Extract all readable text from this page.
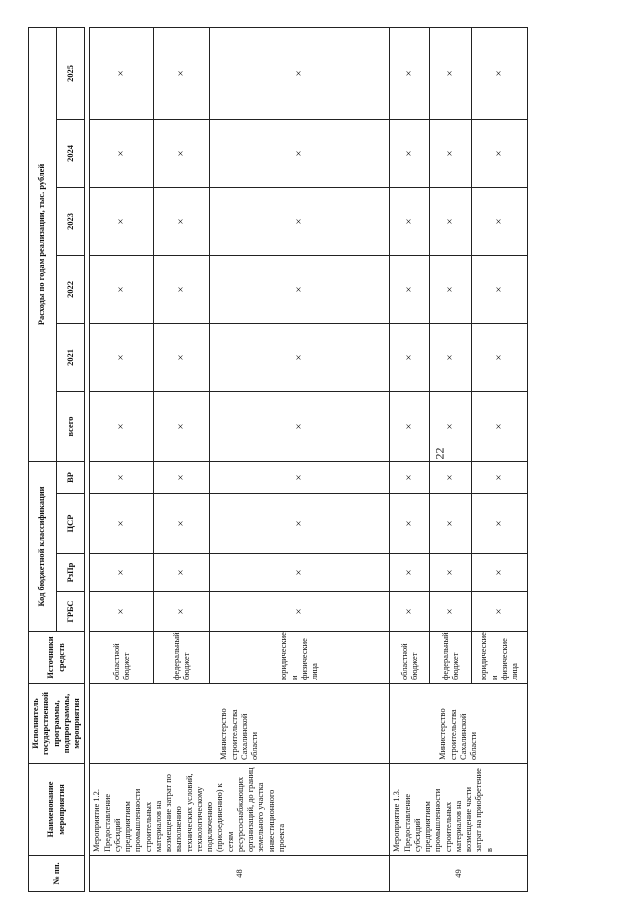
22
№ пп.	Наименование мероприятия	Исполнитель государственной программы, подпрограммы, мероприятия	Источники средств	Код бюджетной классификации				Расходы по годам реализации, тыс. рублей					
				ГРБС	РзПр	ЦСР	ВР	всего	2021	2022	2023	2024	2025

48	Мероприятие 1.2. Предоставление субсидий предприятиям промышленности строительных материалов на возмещение затрат по выполнению технических условий, технологическому подключению (присоединению) к сетям ресурсоснабжающих организаций, до границ земельного участка инвестиционного проекта	Министерство строительства Сахалинской области	областной бюджет	×	×	×	×	×	×	×	×	×	×
			федеральный бюджет	×	×	×	×	×	×	×	×	×	×
			юридические и физические лица	×	×	×	×	×	×	×	×	×	×
49	Мероприятие 1.3. Предоставление субсидий предприятиям промышленности строительных материалов на возмещение части затрат на приобретение в	Министерство строительства Сахалинской области	областной бюджет	×	×	×	×	×	×	×	×	×	×
			федеральный бюджет	×	×	×	×	×	×	×	×	×	×
			юридические и физические лица	×	×	×	×	×	×	×	×	×	×
